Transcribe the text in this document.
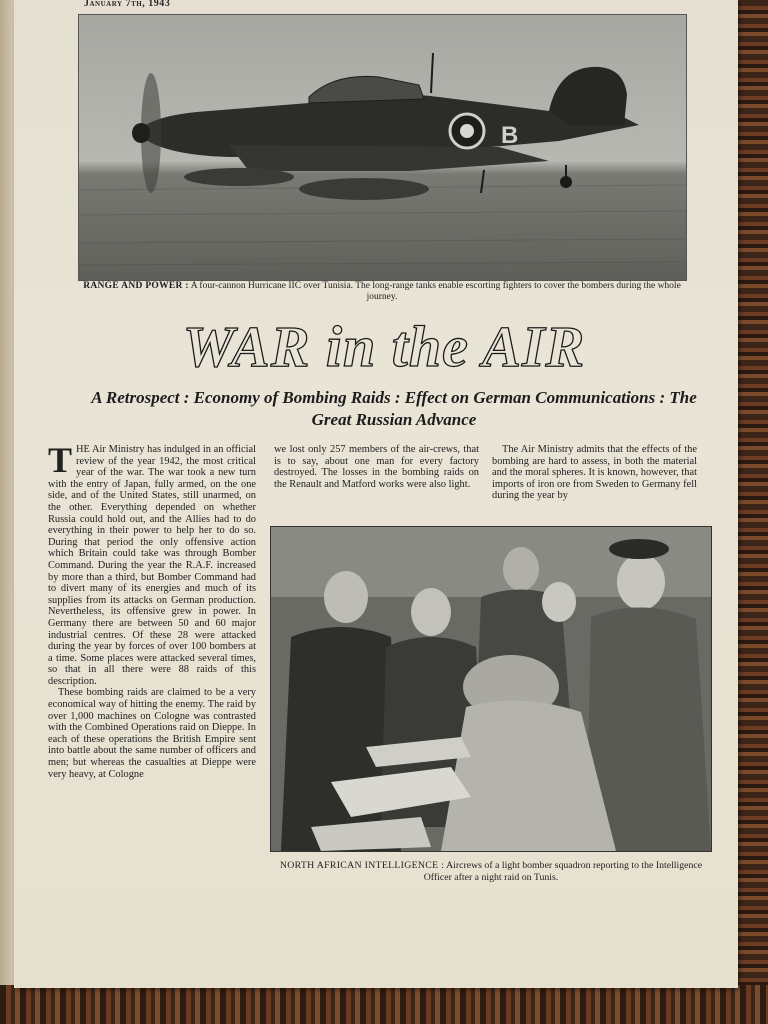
January 7th, 1943
B
RANGE AND POWER : A four-cannon Hurricane IIC over Tunisia. The long-range tanks enable escorting fighters to cover the bombers during the whole journey.
WAR in the AIR
A Retrospect : Economy of Bombing Raids : Effect on German Communications : The Great Russian Advance

THE Air Ministry has indulged in an official review of the year 1942, the most critical year of the war. The war took a new turn with the entry of Japan, fully armed, on the one side, and of the United States, still unarmed, on the other. Everything depended on whether Russia could hold out, and the Allies had to do everything in their power to help her to do so. During that period the only offensive action which Britain could take was through Bomber Command. During the year the R.A.F. increased by more than a third, but Bomber Command had to divert many of its energies and much of its supplies from its attacks on German production. Nevertheless, its offensive grew in power. In Germany there are between 50 and 60 major industrial centres. Of these 28 were attacked during the year by forces of over 100 bombers at a time. Some places were attacked several times, so that in all there were 88 raids of this description.

These bombing raids are claimed to be a very economical way of hitting the enemy. The raid by over 1,000 machines on Cologne was contrasted with the Combined Operations raid on Dieppe. In each of these operations the British Empire sent into battle about the same number of officers and men; but whereas the casualties at Dieppe were very heavy, at Cologne

we lost only 257 members of the air-crews, that is to say, about one man for every factory destroyed. The losses in the bombing raids on the Renault and Matford works were also light.

The Air Ministry admits that the effects of the bombing are hard to assess, in both the material and the moral spheres. It is known, however, that imports of iron ore from Sweden to Germany fell during the year by

NORTH AFRICAN INTELLIGENCE : Aircrews of a light bomber squadron reporting to the Intelligence Officer after a night raid on Tunis.
